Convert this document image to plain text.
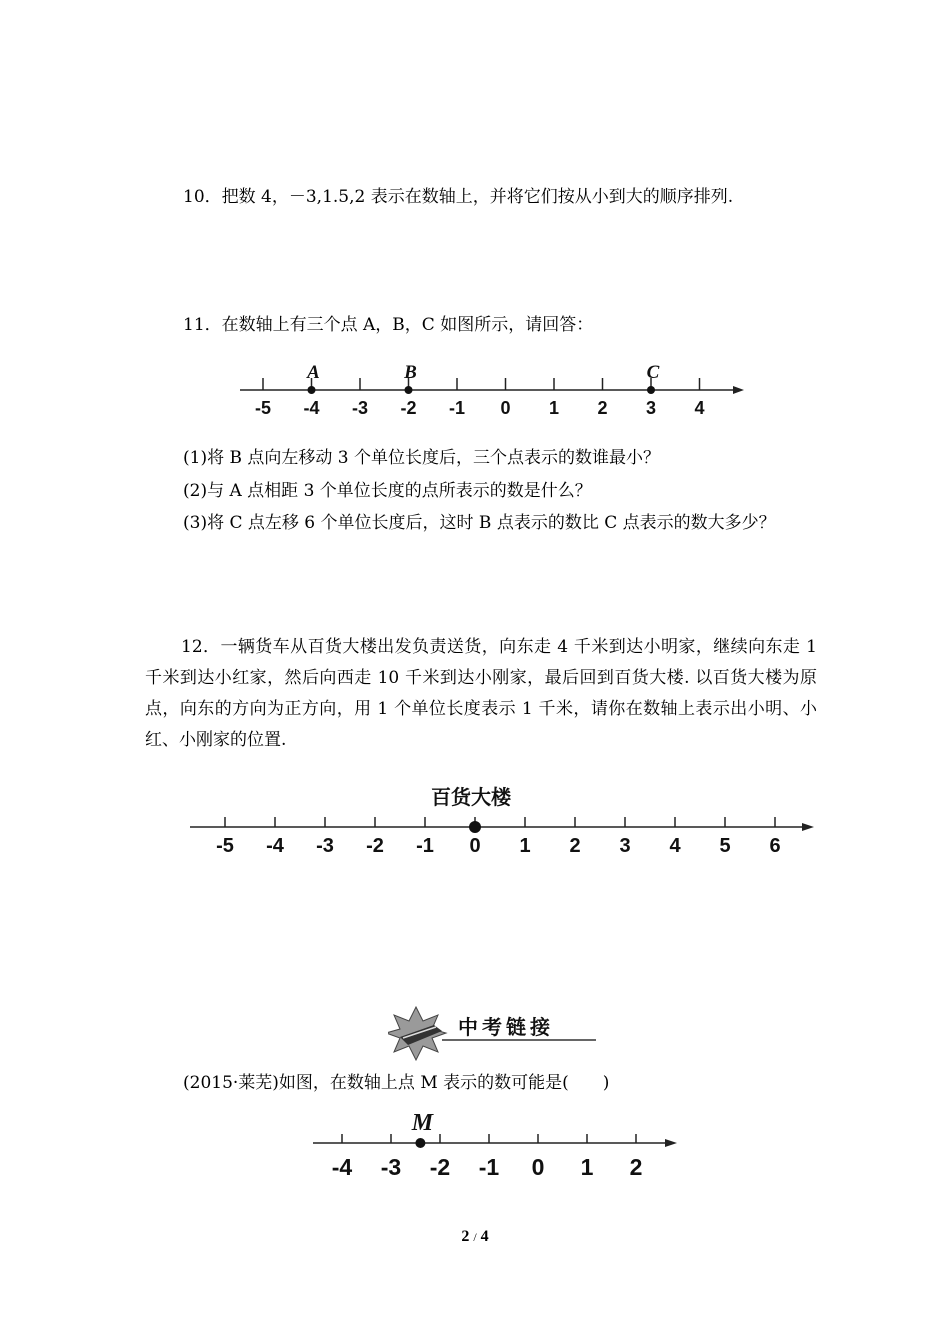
10．把数 4，－3,1.5,2 表示在数轴上，并将它们按从小到大的顺序排列.
11．在数轴上有三个点 A，B，C 如图所示，请回答：
-5 -4 -3 -2 -1 0 1 2 3 4
A	B	C
(1)将 B 点向左移动 3 个单位长度后，三个点表示的数谁最小？
(2)与 A 点相距 3 个单位长度的点所表示的数是什么？
(3)将 C 点左移 6 个单位长度后，这时 B 点表示的数比 C 点表示的数大多少？
12．一辆货车从百货大楼出发负责送货，向东走 4 千米到达小明家，继续向东走 1 千米到达小红家，然后向西走 10 千米到达小刚家，最后回到百货大楼. 以百货大楼为原点，向东的方向为正方向，用 1 个单位长度表示 1 千米，请你在数轴上表示出小明、小红、小刚家的位置.
百货大楼
-5 -4 -3 -2 -1 0 1 2 3 4 5 6
中考链接
(2015·莱芜)如图，在数轴上点 M 表示的数可能是(　　)
-4 -3 -2 -1 0 1 2
M
2 / 4
